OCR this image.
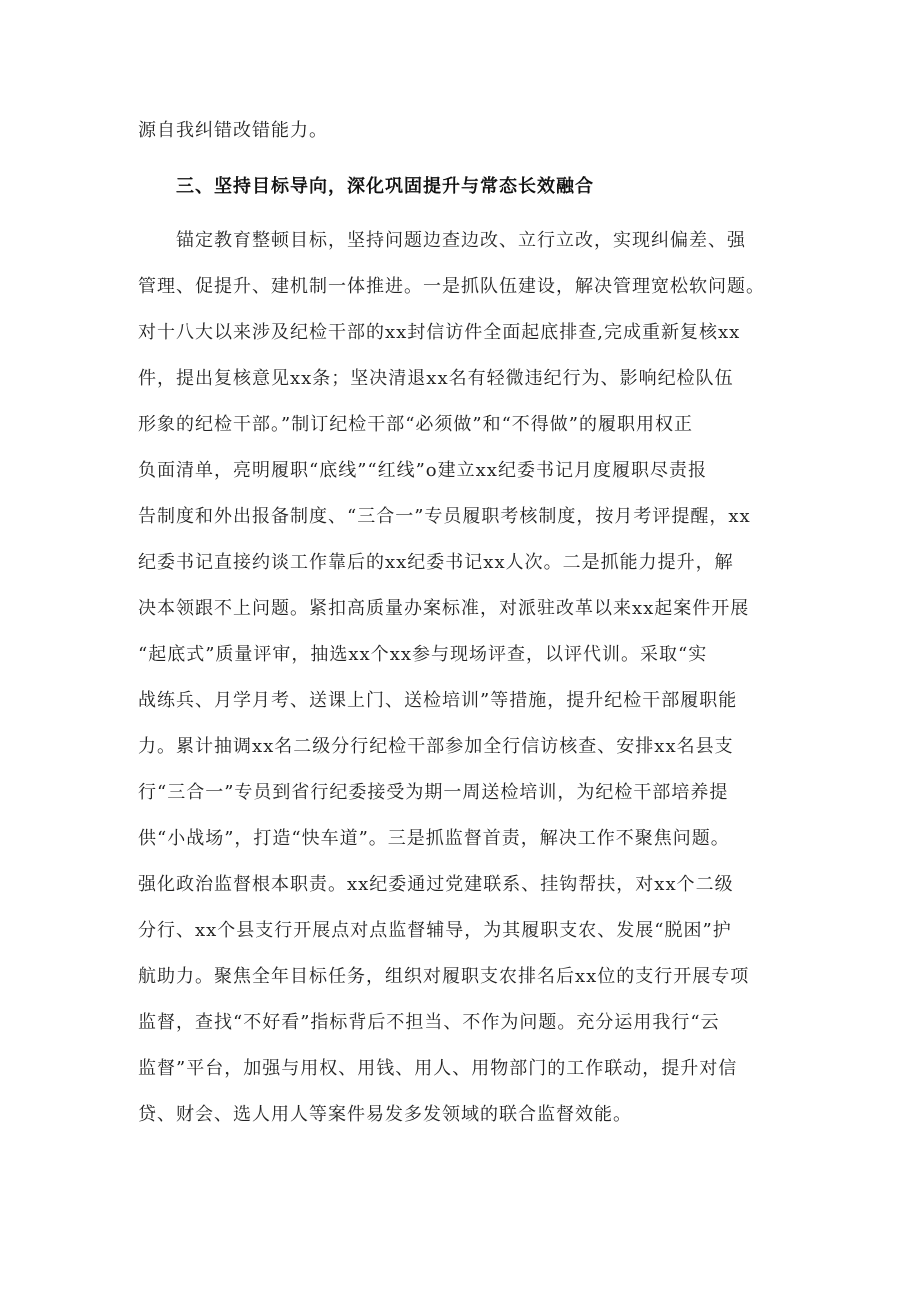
源自我纠错改错能力。
三、坚持目标导向，深化巩固提升与常态长效融合
锚定教育整顿目标，坚持问题边查边改、立行立改，实现纠偏差、强
管理、促提升、建机制一体推进。一是抓队伍建设，解决管理宽松软问题。
对十八大以来涉及纪检干部的xx封信访件全面起底排查,完成重新复核xx
件，提出复核意见xx条；坚决清退xx名有轻微违纪行为、影响纪检队伍
形象的纪检干部。”制订纪检干部“必须做”和“不得做”的履职用权正
负面清单，亮明履职“底线”“红线”o建立xx纪委书记月度履职尽责报
告制度和外出报备制度、“三合一”专员履职考核制度，按月考评提醒，xx
纪委书记直接约谈工作靠后的xx纪委书记xx人次。二是抓能力提升，解
决本领跟不上问题。紧扣高质量办案标准，对派驻改革以来xx起案件开展
“起底式”质量评审，抽选xx个xx参与现场评查，以评代训。采取“实
战练兵、月学月考、送课上门、送检培训”等措施，提升纪检干部履职能
力。累计抽调xx名二级分行纪检干部参加全行信访核查、安排xx名县支
行“三合一”专员到省行纪委接受为期一周送检培训，为纪检干部培养提
供“小战场”，打造“快车道”。三是抓监督首责，解决工作不聚焦问题。
强化政治监督根本职责。xx纪委通过党建联系、挂钩帮扶，对xx个二级
分行、xx个县支行开展点对点监督辅导，为其履职支农、发展“脱困”护
航助力。聚焦全年目标任务，组织对履职支农排名后xx位的支行开展专项
监督，查找“不好看”指标背后不担当、不作为问题。充分运用我行“云
监督”平台，加强与用权、用钱、用人、用物部门的工作联动，提升对信
贷、财会、选人用人等案件易发多发领域的联合监督效能。
